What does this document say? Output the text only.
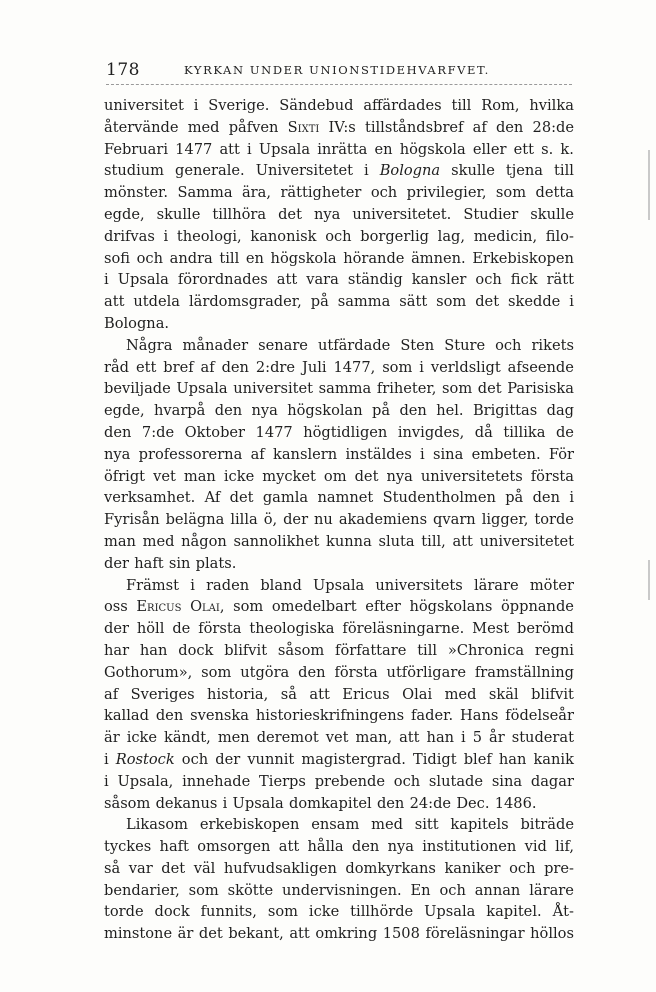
178	KYRKAN UNDER UNIONSTIDEHVARFVET.
universitet i Sverige. Sändebud affärdades till Rom, hvilka
återvände med påfven Sixti IV:s tillståndsbref af den 28:de
Februari 1477 att i Upsala inrätta en högskola eller ett s. k.
studium generale. Universitetet i Bologna skulle tjena till
mönster. Samma ära, rättigheter och privilegier, som detta
egde, skulle tillhöra det nya universitetet. Studier skulle
drifvas i theologi, kanonisk och borgerlig lag, medicin, filo-
sofi och andra till en högskola hörande ämnen. Erkebiskopen
i Upsala förordnades att vara ständig kansler och fick rätt
att utdela lärdomsgrader, på samma sätt som det skedde i
Bologna.
Några månader senare utfärdade Sten Sture och rikets
råd ett bref af den 2:dre Juli 1477, som i verldsligt afseende
beviljade Upsala universitet samma friheter, som det Parisiska
egde, hvarpå den nya högskolan på den hel. Brigittas dag
den 7:de Oktober 1477 högtidligen invigdes, då tillika de
nya professorerna af kanslern instäldes i sina embeten. För
öfrigt vet man icke mycket om det nya universitetets första
verksamhet. Af det gamla namnet Studentholmen på den i
Fyrisån belägna lilla ö, der nu akademiens qvarn ligger, torde
man med någon sannolikhet kunna sluta till, att universitetet
der haft sin plats.
Främst i raden bland Upsala universitets lärare möter
oss Ericus Olai, som omedelbart efter högskolans öppnande
der höll de första theologiska föreläsningarne. Mest berömd
har han dock blifvit såsom författare till »Chronica regni
Gothorum», som utgöra den första utförligare framställning
af Sveriges historia, så att Ericus Olai med skäl blifvit
kallad den svenska historieskrifningens fader. Hans födelseår
är icke kändt, men deremot vet man, att han i 5 år studerat
i Rostock och der vunnit magistergrad. Tidigt blef han kanik
i Upsala, innehade Tierps prebende och slutade sina dagar
såsom dekanus i Upsala domkapitel den 24:de Dec. 1486.
Likasom erkebiskopen ensam med sitt kapitels biträde
tyckes haft omsorgen att hålla den nya institutionen vid lif,
så var det väl hufvudsakligen domkyrkans kaniker och pre-
bendarier, som skötte undervisningen. En och annan lärare
torde dock funnits, som icke tillhörde Upsala kapitel. Åt-
minstone är det bekant, att omkring 1508 föreläsningar höllos
